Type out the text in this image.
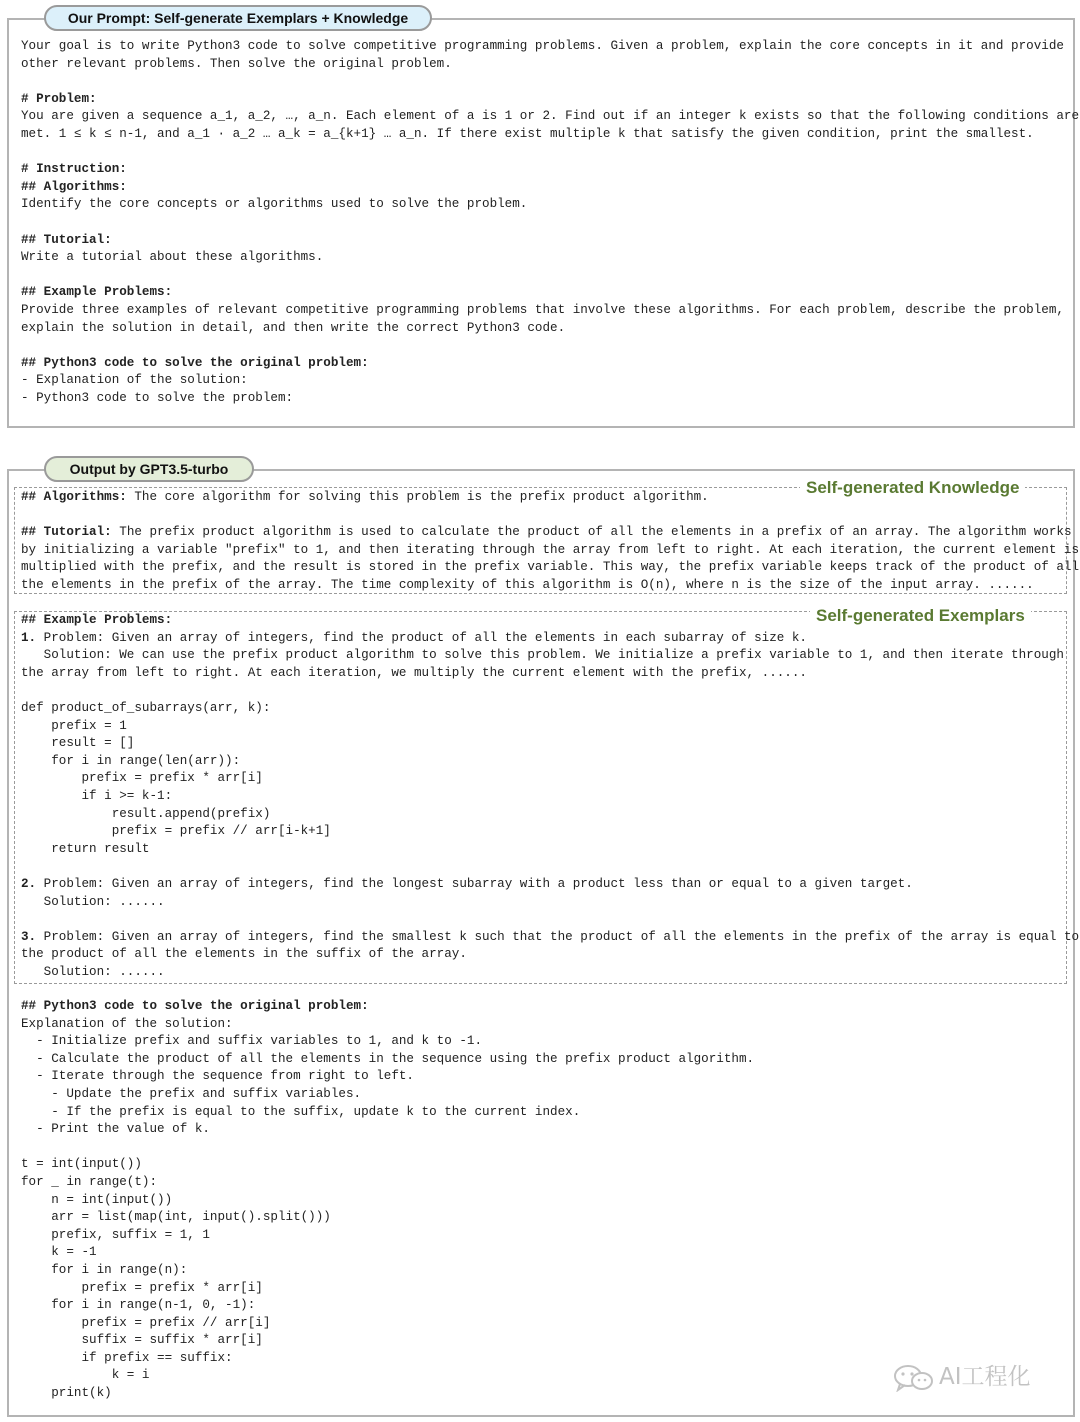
Our Prompt: Self-generate Exemplars + Knowledge
Your goal is to write Python3 code to solve competitive programming problems. Given a problem, explain the core concepts in it and provide
other relevant problems. Then solve the original problem.

# Problem:
You are given a sequence a_1, a_2, …, a_n. Each element of a is 1 or 2. Find out if an integer k exists so that the following conditions are
met. 1 ≤ k ≤ n-1, and a_1 · a_2 … a_k = a_{k+1} … a_n. If there exist multiple k that satisfy the given condition, print the smallest.

# Instruction:
## Algorithms:
Identify the core concepts or algorithms used to solve the problem.

## Tutorial:
Write a tutorial about these algorithms.

## Example Problems:
Provide three examples of relevant competitive programming problems that involve these algorithms. For each problem, describe the problem,
explain the solution in detail, and then write the correct Python3 code.

## Python3 code to solve the original problem:
- Explanation of the solution:
- Python3 code to solve the problem:
Output by GPT3.5-turbo
Self-generated Knowledge
Self-generated Exemplars
## Algorithms: The core algorithm for solving this problem is the prefix product algorithm.

## Tutorial: The prefix product algorithm is used to calculate the product of all the elements in a prefix of an array. The algorithm works
by initializing a variable "prefix" to 1, and then iterating through the array from left to right. At each iteration, the current element is
multiplied with the prefix, and the result is stored in the prefix variable. This way, the prefix variable keeps track of the product of all
the elements in the prefix of the array. The time complexity of this algorithm is O(n), where n is the size of the input array. ......
## Example Problems:
1. Problem: Given an array of integers, find the product of all the elements in each subarray of size k.
Solution: We can use the prefix product algorithm to solve this problem. We initialize a prefix variable to 1, and then iterate through
the array from left to right. At each iteration, we multiply the current element with the prefix, ......

def product_of_subarrays(arr, k):
prefix = 1
result = []
for i in range(len(arr)):
prefix = prefix * arr[i]
if i >= k-1:
result.append(prefix)
prefix = prefix // arr[i-k+1]
return result

2. Problem: Given an array of integers, find the longest subarray with a product less than or equal to a given target.
Solution: ......

3. Problem: Given an array of integers, find the smallest k such that the product of all the elements in the prefix of the array is equal to
the product of all the elements in the suffix of the array.
Solution: ......
## Python3 code to solve the original problem:
Explanation of the solution:
- Initialize prefix and suffix variables to 1, and k to -1.
- Calculate the product of all the elements in the sequence using the prefix product algorithm.
- Iterate through the sequence from right to left.
- Update the prefix and suffix variables.
- If the prefix is equal to the suffix, update k to the current index.
- Print the value of k.

t = int(input())
for _ in range(t):
n = int(input())
arr = list(map(int, input().split()))
prefix, suffix = 1, 1
k = -1
for i in range(n):
prefix = prefix * arr[i]
for i in range(n-1, 0, -1):
prefix = prefix // arr[i]
suffix = suffix * arr[i]
if prefix == suffix:
k = i
print(k)
AI工程化
